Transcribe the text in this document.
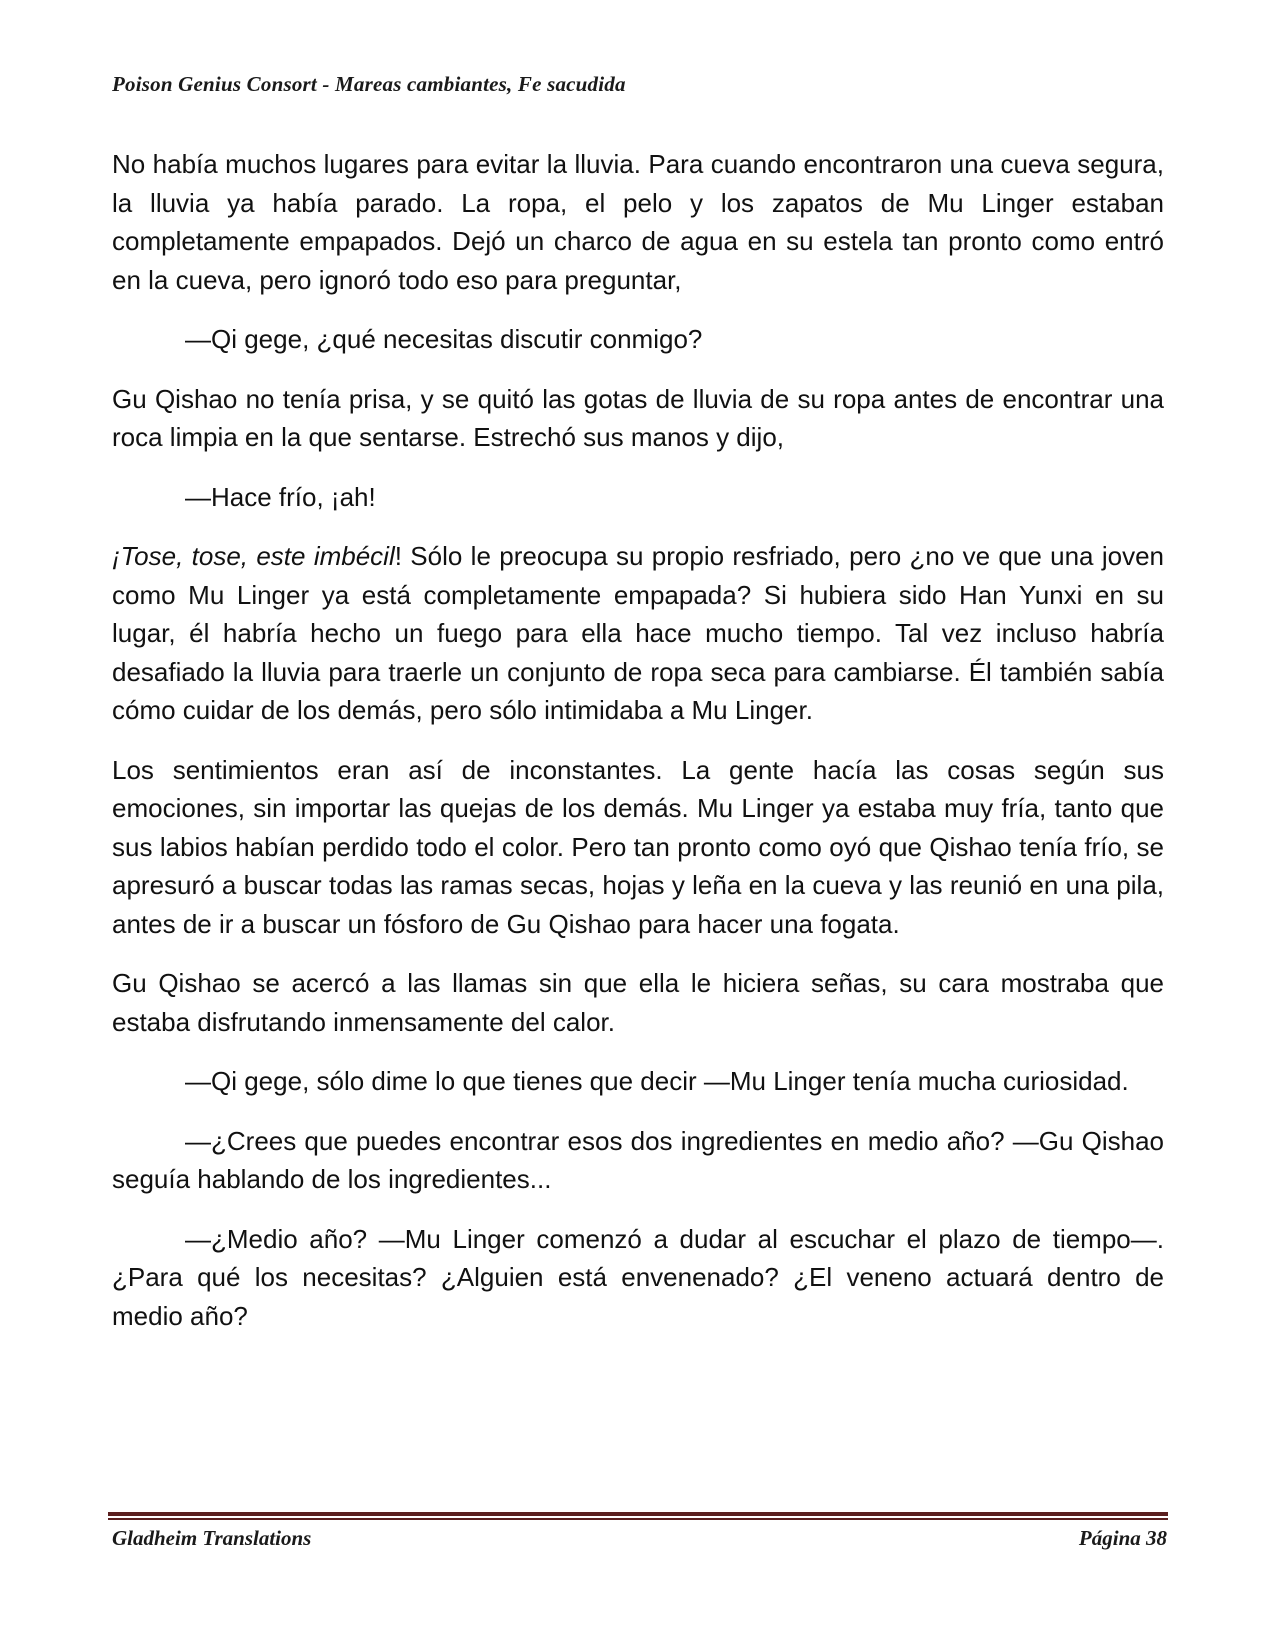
Poison Genius Consort - Mareas cambiantes, Fe sacudida

No había muchos lugares para evitar la lluvia. Para cuando encontraron una cueva segura, la lluvia ya había parado. La ropa, el pelo y los zapatos de Mu Linger estaban completamente empapados. Dejó un charco de agua en su estela tan pronto como entró en la cueva, pero ignoró todo eso para preguntar,

—Qi gege, ¿qué necesitas discutir conmigo?

Gu Qishao no tenía prisa, y se quitó las gotas de lluvia de su ropa antes de encontrar una roca limpia en la que sentarse. Estrechó sus manos y dijo,

—Hace frío, ¡ah!

¡Tose, tose, este imbécil! Sólo le preocupa su propio resfriado, pero ¿no ve que una joven como Mu Linger ya está completamente empapada? Si hubiera sido Han Yunxi en su lugar, él habría hecho un fuego para ella hace mucho tiempo. Tal vez incluso habría desafiado la lluvia para traerle un conjunto de ropa seca para cambiarse. Él también sabía cómo cuidar de los demás, pero sólo intimidaba a Mu Linger.

Los sentimientos eran así de inconstantes. La gente hacía las cosas según sus emociones, sin importar las quejas de los demás. Mu Linger ya estaba muy fría, tanto que sus labios habían perdido todo el color. Pero tan pronto como oyó que Qishao tenía frío, se apresuró a buscar todas las ramas secas, hojas y leña en la cueva y las reunió en una pila, antes de ir a buscar un fósforo de Gu Qishao para hacer una fogata.

Gu Qishao se acercó a las llamas sin que ella le hiciera señas, su cara mostraba que estaba disfrutando inmensamente del calor.

—Qi gege, sólo dime lo que tienes que decir —Mu Linger tenía mucha curiosidad.

—¿Crees que puedes encontrar esos dos ingredientes en medio año? —Gu Qishao seguía hablando de los ingredientes...

—¿Medio año? —Mu Linger comenzó a dudar al escuchar el plazo de tiempo—. ¿Para qué los necesitas? ¿Alguien está envenenado? ¿El veneno actuará dentro de medio año?

Gladheim Translations	Página 38
